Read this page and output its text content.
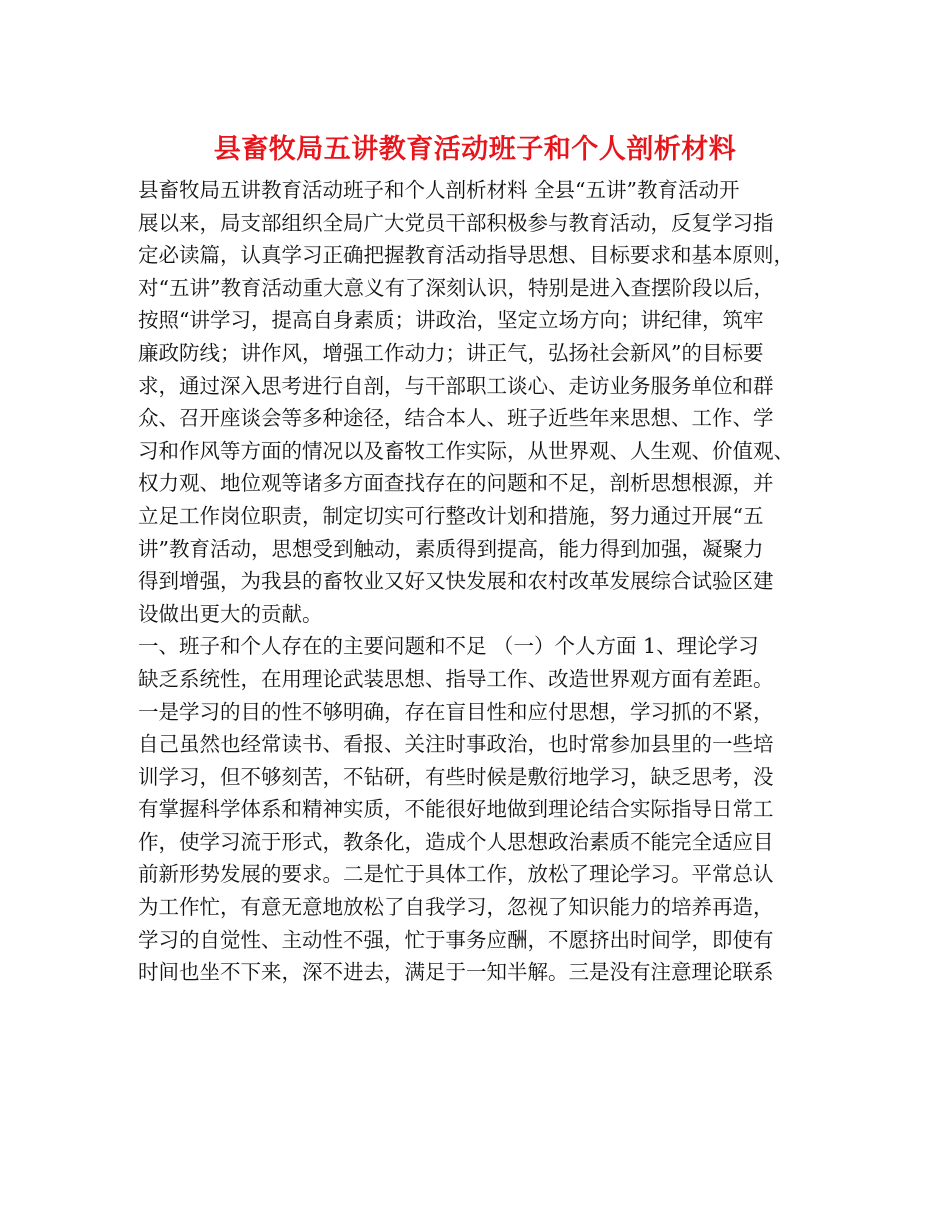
县畜牧局五讲教育活动班子和个人剖析材料
县畜牧局五讲教育活动班子和个人剖析材料 全县“五讲”教育活动开
展以来，局支部组织全局广大党员干部积极参与教育活动，反复学习指
定必读篇，认真学习正确把握教育活动指导思想、目标要求和基本原则，
对“五讲”教育活动重大意义有了深刻认识，特别是进入查摆阶段以后，
按照“讲学习，提高自身素质；讲政治，坚定立场方向；讲纪律，筑牢
廉政防线；讲作风，增强工作动力；讲正气，弘扬社会新风”的目标要
求，通过深入思考进行自剖，与干部职工谈心、走访业务服务单位和群
众、召开座谈会等多种途径，结合本人、班子近些年来思想、工作、学
习和作风等方面的情况以及畜牧工作实际，从世界观、人生观、价值观、
权力观、地位观等诸多方面查找存在的问题和不足，剖析思想根源，并
立足工作岗位职责，制定切实可行整改计划和措施，努力通过开展“五
讲”教育活动，思想受到触动，素质得到提高，能力得到加强，凝聚力
得到增强，为我县的畜牧业又好又快发展和农村改革发展综合试验区建
设做出更大的贡献。
一、班子和个人存在的主要问题和不足 （一）个人方面 1、理论学习
缺乏系统性，在用理论武装思想、指导工作、改造世界观方面有差距。
一是学习的目的性不够明确，存在盲目性和应付思想，学习抓的不紧，
自己虽然也经常读书、看报、关注时事政治，也时常参加县里的一些培
训学习，但不够刻苦，不钻研，有些时候是敷衍地学习，缺乏思考，没
有掌握科学体系和精神实质，不能很好地做到理论结合实际指导日常工
作，使学习流于形式，教条化，造成个人思想政治素质不能完全适应目
前新形势发展的要求。二是忙于具体工作，放松了理论学习。平常总认
为工作忙，有意无意地放松了自我学习，忽视了知识能力的培养再造，
学习的自觉性、主动性不强，忙于事务应酬，不愿挤出时间学，即使有
时间也坐不下来，深不进去，满足于一知半解。三是没有注意理论联系
